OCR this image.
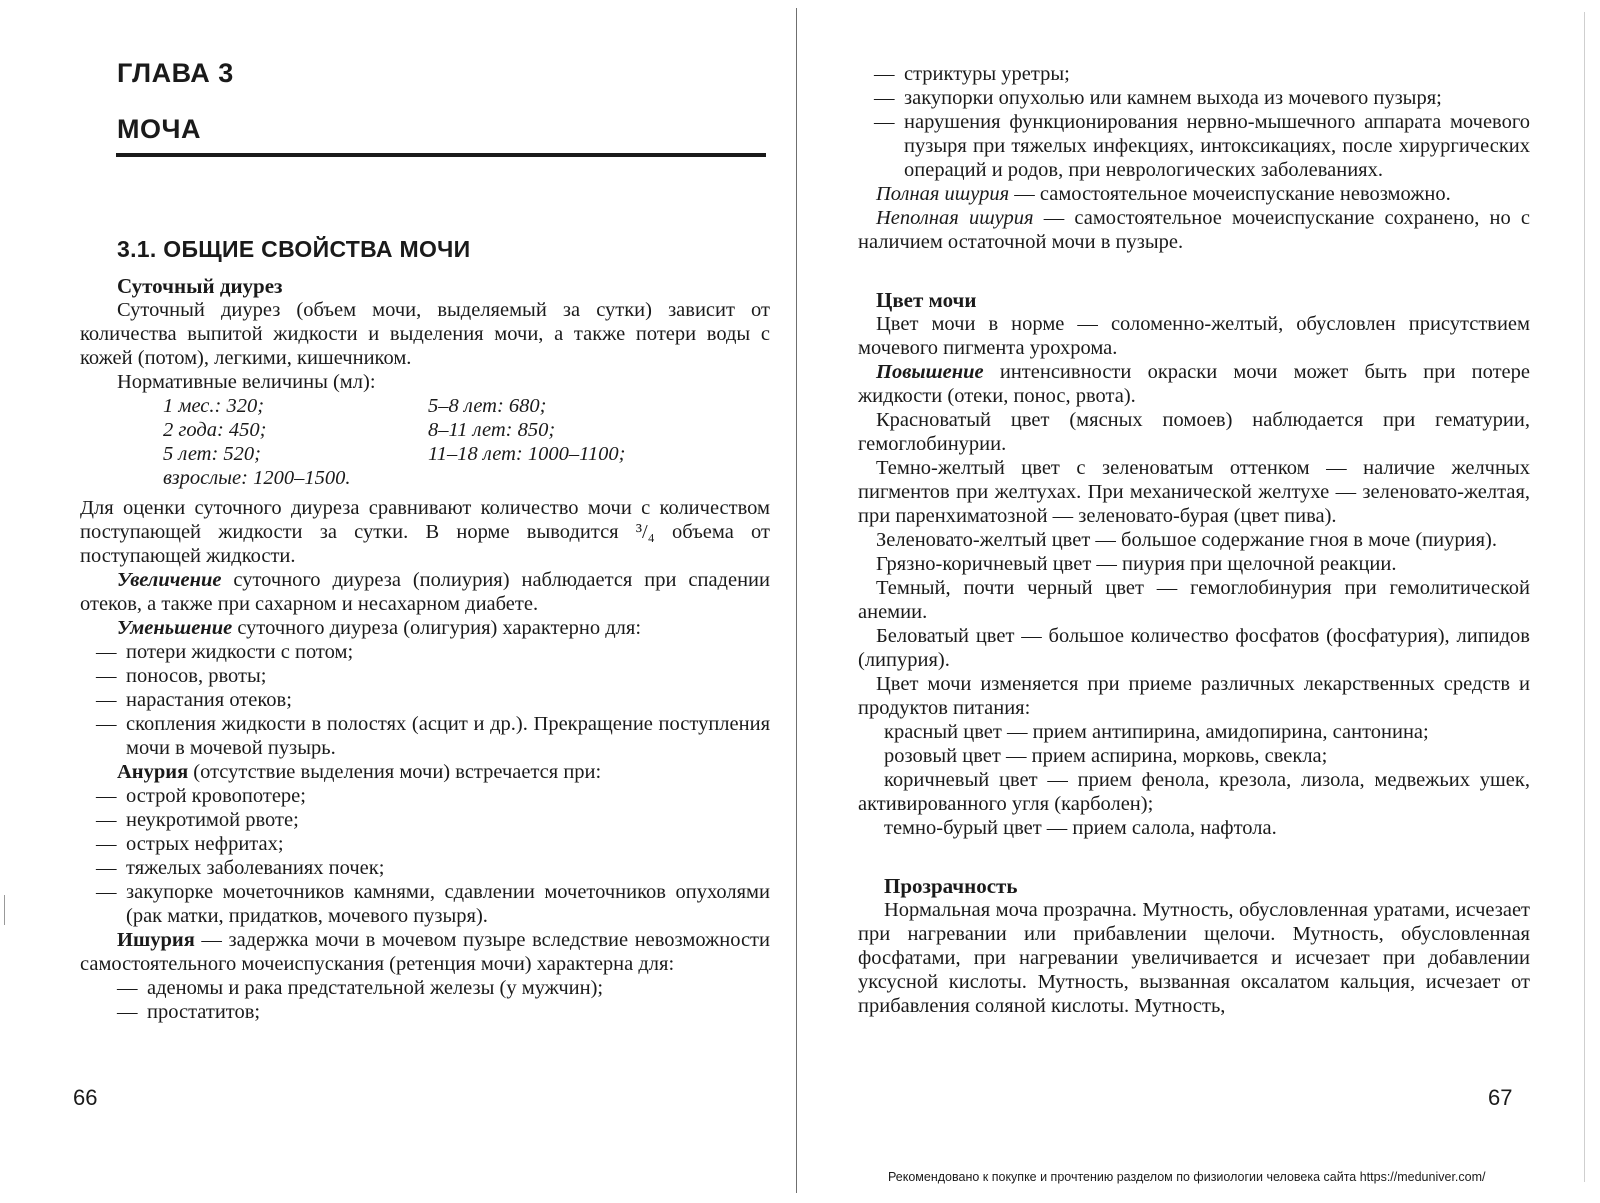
ГЛАВА 3
МОЧА
3.1. ОБЩИЕ СВОЙСТВА МОЧИ

Суточный диурез

Суточный диурез (объем мочи, выделяемый за сутки) зависит от количества выпитой жидкости и выделения мочи, а также потери воды с кожей (потом), легкими, кишечником.

Нормативные величины (мл):

1 мес.: 320;	5–8 лет: 680;
2 года: 450;	8–11 лет: 850;
5 лет: 520;	11–18 лет: 1000–1100;
взрослые: 1200–1500.

Для оценки суточного диуреза сравнивают количество мочи с количеством поступающей жидкости за сутки. В норме выводится ³/₄ объема от поступающей жидкости.

Увеличение суточного диуреза (полиурия) наблюдается при спадении отеков, а также при сахарном и несахарном диабете.

Уменьшение суточного диуреза (олигурия) характерно для:

— потери жидкости с потом;
— поносов, рвоты;
— нарастания отеков;
— скопления жидкости в полостях (асцит и др.). Прекращение поступления мочи в мочевой пузырь.

Анурия (отсутствие выделения мочи) встречается при:

— острой кровопотере;
— неукротимой рвоте;
— острых нефритах;
— тяжелых заболеваниях почек;
— закупорке мочеточников камнями, сдавлении мочеточников опухолями (рак матки, придатков, мочевого пузыря).

Ишурия — задержка мочи в мочевом пузыре вследствие невозможности самостоятельного мочеиспускания (ретенция мочи) характерна для:

— аденомы и рака предстательной железы (у мужчин);
— простатитов;
66
— стриктуры уретры;
— закупорки опухолью или камнем выхода из мочевого пузыря;
— нарушения функционирования нервно-мышечного аппарата мочевого пузыря при тяжелых инфекциях, интоксикациях, после хирургических операций и родов, при неврологических заболеваниях.

Полная ишурия — самостоятельное мочеиспускание невозможно.

Неполная ишурия — самостоятельное мочеиспускание сохранено, но с наличием остаточной мочи в пузыре.

Цвет мочи

Цвет мочи в норме — соломенно-желтый, обусловлен присутствием мочевого пигмента урохрома.

Повышение интенсивности окраски мочи может быть при потере жидкости (отеки, понос, рвота).

Красноватый цвет (мясных помоев) наблюдается при гематурии, гемоглобинурии.

Темно-желтый цвет с зеленоватым оттенком — наличие желчных пигментов при желтухах. При механической желтухе — зеленовато-желтая, при паренхиматозной — зеленовато-бурая (цвет пива).

Зеленовато-желтый цвет — большое содержание гноя в моче (пиурия).

Грязно-коричневый цвет — пиурия при щелочной реакции.

Темный, почти черный цвет — гемоглобинурия при гемолитической анемии.

Беловатый цвет — большое количество фосфатов (фосфатурия), липидов (липурия).

Цвет мочи изменяется при приеме различных лекарственных средств и продуктов питания:

красный цвет — прием антипирина, амидопирина, сантонина;

розовый цвет — прием аспирина, морковь, свекла;

коричневый цвет — прием фенола, крезола, лизола, медвежьих ушек, активированного угля (карболен);

темно-бурый цвет — прием салола, нафтола.

Прозрачность

Нормальная моча прозрачна. Мутность, обусловленная уратами, исчезает при нагревании или прибавлении щелочи. Мутность, обусловленная фосфатами, при нагревании увеличивается и исчезает при добавлении уксусной кислоты. Мутность, вызванная оксалатом кальция, исчезает от прибавления соляной кислоты. Мутность,

67
Рекомендовано к покупке и прочтению разделом по физиологии человека сайта https://meduniver.com/
